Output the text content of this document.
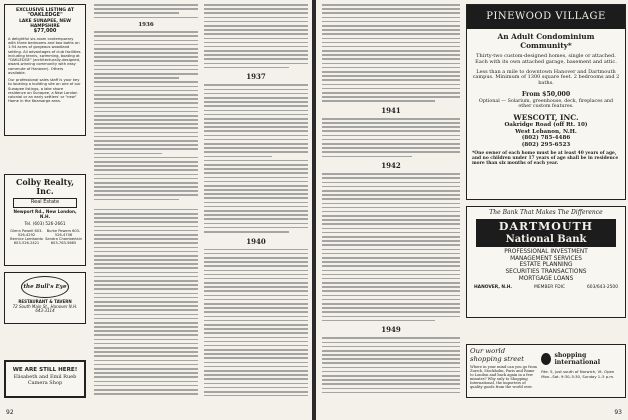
EXCLUSIVE LISTING AT
"OAKLEDGE"
LAKE SUNAPEE, NEW HAMPSHIRE
$77,000
A delightful six-room contemporary with three bedrooms and two baths on 1.94 acres of gorgeous woodland setting. All advantages of club facilities including tennis, swimming, boating at "OAKLEDGE" (architecturally-designed, award-winning community with easy commute of Hanover). Others available.
Our professional sales staff is your key to locating a building site on one of our Sunapee listings, a lake shore residence on Sunapee, a New London colonial or an early settlers' or "new" Home in the Kearsarge area.
Colby Realty, Inc.
Real Estate
Newport Rd., New London, N.H.
Tel. (603) 526-2661
Glenn Powell 603-526-4292
Burke Powers 603-526-4706
Bernice Lombardo 603-526-2421
Sandra Chamberlain 603-763-5665
the Bull's Eye
RESTAURANT & TAVERN
72 South Main St., Hanover N.H. 643-3114
WE ARE STILL HERE!
Elisabeth and Emil Rueb
Camera Shop
1936
1937
1940
92
1941
1942
1949
PINEWOOD VILLAGE
An Adult Condominium Community*
Thirty-two custom-designed homes, single or attached. Each with its own attached garage, basement and attic.
Less than a mile to downtown Hanover and Dartmouth campus. Minimum of 1300 square feet. 2 bedrooms and 2 baths.
From $50,000
Optional — Solarium, greenhouse, deck, fireplaces and other custom features.
WESCOTT, INC.
Oakridge Road (off Rt. 10)
West Lebanon, N.H.
(802) 785-4486
(802) 295-6523
*One owner of each home must be at least 40 years of age, and no children under 17 years of age shall be in residence more than six months of each year.
The Bank That Makes The Difference
DARTMOUTH
National Bank
PROFESSIONAL INVESTMENT
MANAGEMENT SERVICES
ESTATE PLANNING
SECURITIES TRANSACTIONS
MORTGAGE LOANS
HANOVER, N.H.	MEMBER FDIC	603/643-2500
Our world shopping street
Where in your mind can you go from Zurich, Stockholm, Paris and Rome to London and back again in a few minutes? Why only to Shopping International, the importers of quality goods from the world over.
shopping international
Rte. 5, just south of Norwich, Vt. Open Mon.–Sat. 9:30–5:30, Sunday 1–5 p.m.
93
